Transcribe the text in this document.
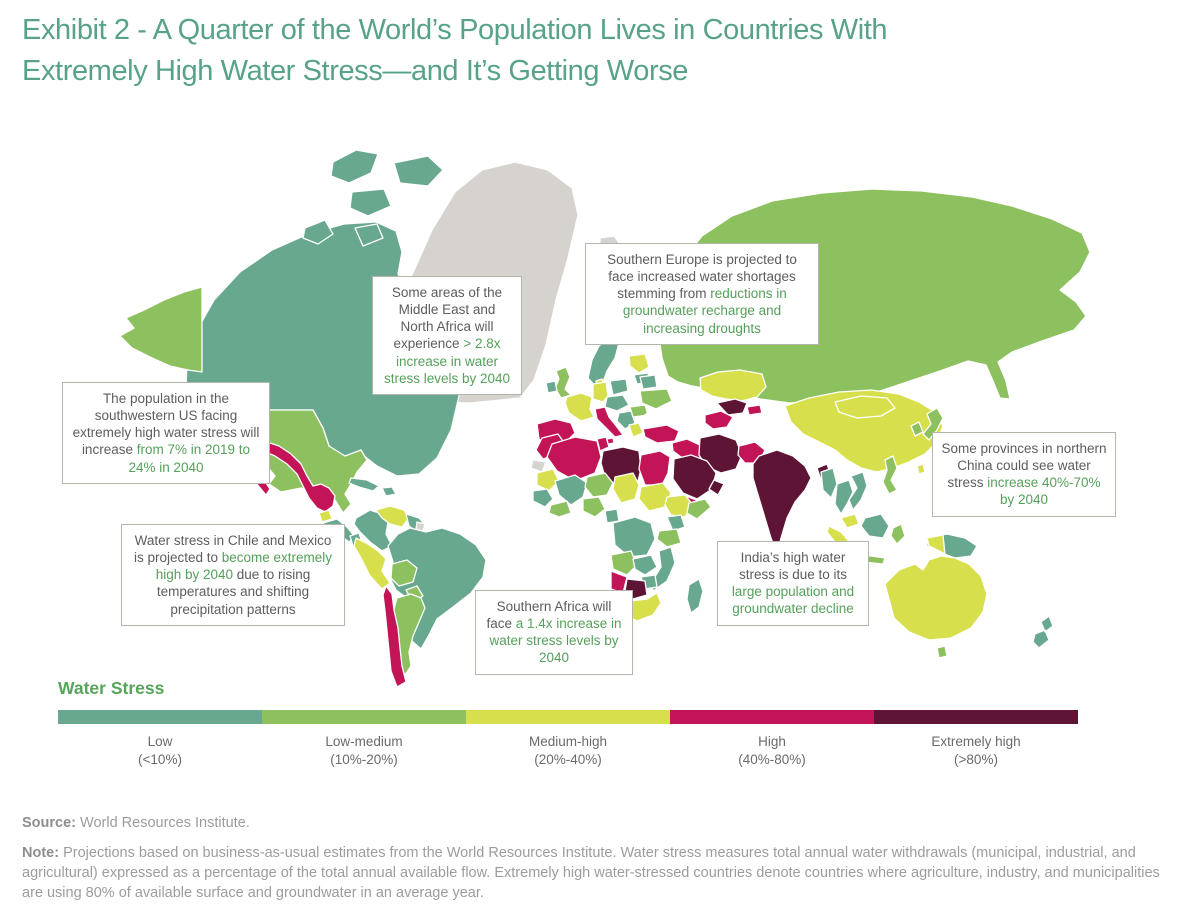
Exhibit 2 - A Quarter of the World’s Population Lives in Countries With
Extremely High Water Stress—and It’s Getting Worse
The population in the southwestern US facing extremely high water stress will increase from 7% in 2019 to 24% in 2040
Some areas of the Middle East and North Africa will experience > 2.8x increase in water stress levels by 2040
Southern Europe is projected to face increased water shortages stemming from reductions in groundwater recharge and increasing droughts
Some provinces in northern China could see water stress increase 40%-70% by 2040
Water stress in Chile and Mexico is projected to become extremely high by 2040 due to rising temperatures and shifting precipitation patterns	Southern Africa will face a 1.4x increase in water stress levels by 2040
India’s high water stress is due to its large population and groundwater decline
Water Stress
Low
(<10%)
Low-medium
(10%-20%)
Medium-high
(20%-40%)
High
(40%-80%)
Extremely high
(>80%)
Source: World Resources Institute.
Note: Projections based on business-as-usual estimates from the World Resources Institute. Water stress measures total annual water withdrawals (municipal, industrial, and agricultural) expressed as a percentage of the total annual available flow. Extremely high water-stressed countries denote countries where agriculture, industry, and municipalities are using 80% of available surface and groundwater in an average year.
